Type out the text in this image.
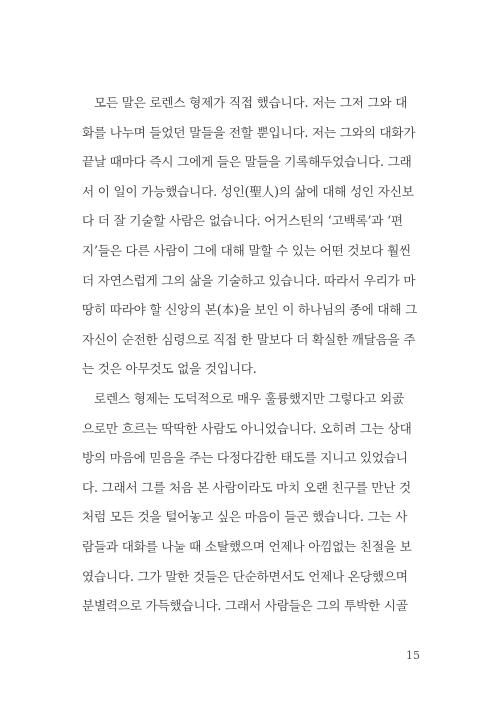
모든 말은 로렌스 형제가 직접 했습니다. 저는 그저 그와 대
화를 나누며 들었던 말들을 전할 뿐입니다. 저는 그와의 대화가
끝날 때마다 즉시 그에게 들은 말들을 기록해두었습니다. 그래
서 이 일이 가능했습니다. 성인(聖人)의 삶에 대해 성인 자신보
다 더 잘 기술할 사람은 없습니다. 어거스틴의 ‘고백록’과 ‘편
지’들은 다른 사람이 그에 대해 말할 수 있는 어떤 것보다 훨씬
더 자연스럽게 그의 삶을 기술하고 있습니다. 따라서 우리가 마
땅히 따라야 할 신앙의 본(本)을 보인 이 하나님의 종에 대해 그
자신이 순전한 심령으로 직접 한 말보다 더 확실한 깨달음을 주
는 것은 아무것도 없을 것입니다.
로렌스 형제는 도덕적으로 매우 훌륭했지만 그렇다고 외곬
으로만 흐르는 딱딱한 사람도 아니었습니다. 오히려 그는 상대
방의 마음에 믿음을 주는 다정다감한 태도를 지니고 있었습니
다. 그래서 그를 처음 본 사람이라도 마치 오랜 친구를 만난 것
처럼 모든 것을 털어놓고 싶은 마음이 들곤 했습니다. 그는 사
람들과 대화를 나눌 때 소탈했으며 언제나 아낌없는 친절을 보
였습니다. 그가 말한 것들은 단순하면서도 언제나 온당했으며
분별력으로 가득했습니다. 그래서 사람들은 그의 투박한 시골
15
